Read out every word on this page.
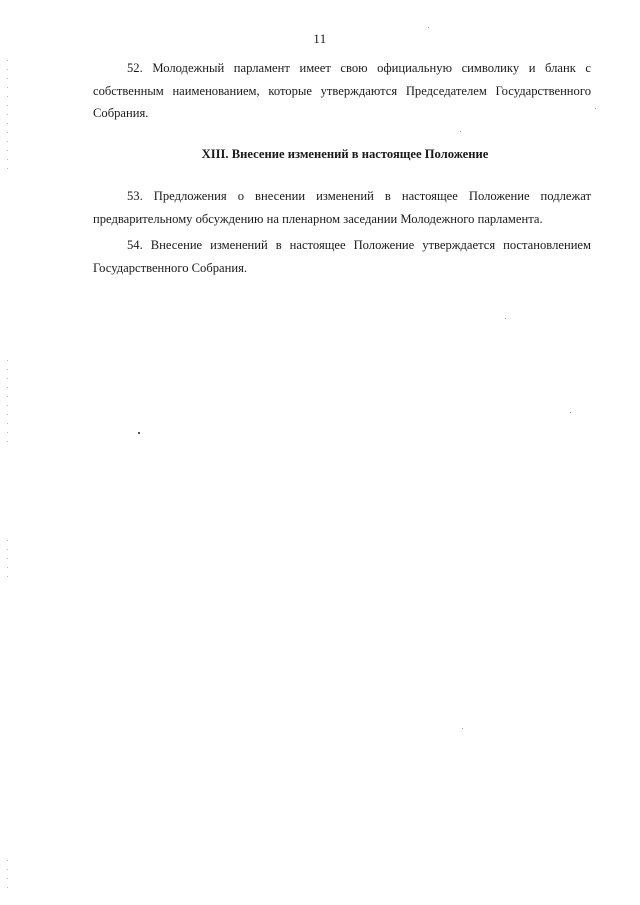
11

52. Молодежный парламент имеет свою официальную символику и бланк с собственным наименованием, которые утверждаются Председателем Государственного Собрания.

XIII. Внесение изменений в настоящее Положение

53. Предложения о внесении изменений в настоящее Положение подлежат предварительному обсуждению на пленарном заседании Молодежного парламента.

54. Внесение изменений в настоящее Положение утверждается постановлением Государственного Собрания.
